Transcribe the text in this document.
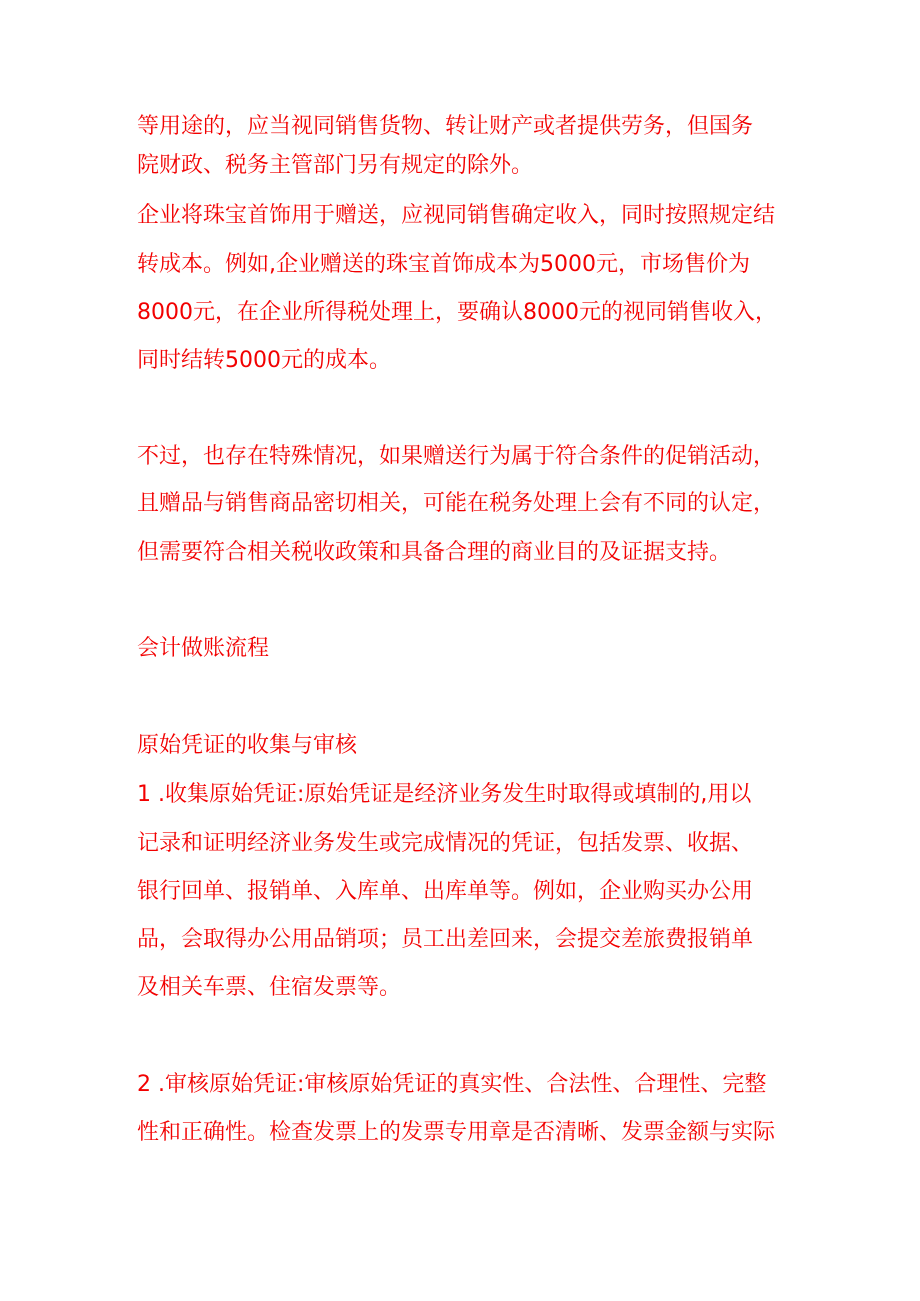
等用途的，应当视同销售货物、转让财产或者提供劳务，但国务
院财政、税务主管部门另有规定的除外。
企业将珠宝首饰用于赠送，应视同销售确定收入，同时按照规定结
转成本。例如,企业赠送的珠宝首饰成本为5000元，市场售价为
8000元，在企业所得税处理上，要确认8000元的视同销售收入，
同时结转5000元的成本。
不过，也存在特殊情况，如果赠送行为属于符合条件的促销活动，
且赠品与销售商品密切相关，可能在税务处理上会有不同的认定，
但需要符合相关税收政策和具备合理的商业目的及证据支持。
会计做账流程
原始凭证的收集与审核
1 .收集原始凭证:原始凭证是经济业务发生时取得或填制的,用以
记录和证明经济业务发生或完成情况的凭证，包括发票、收据、
银行回单、报销单、入库单、出库单等。例如，企业购买办公用
品，会取得办公用品销项；员工出差回来，会提交差旅费报销单
及相关车票、住宿发票等。
2 .审核原始凭证:审核原始凭证的真实性、合法性、合理性、完整
性和正确性。检查发票上的发票专用章是否清晰、发票金额与实际
